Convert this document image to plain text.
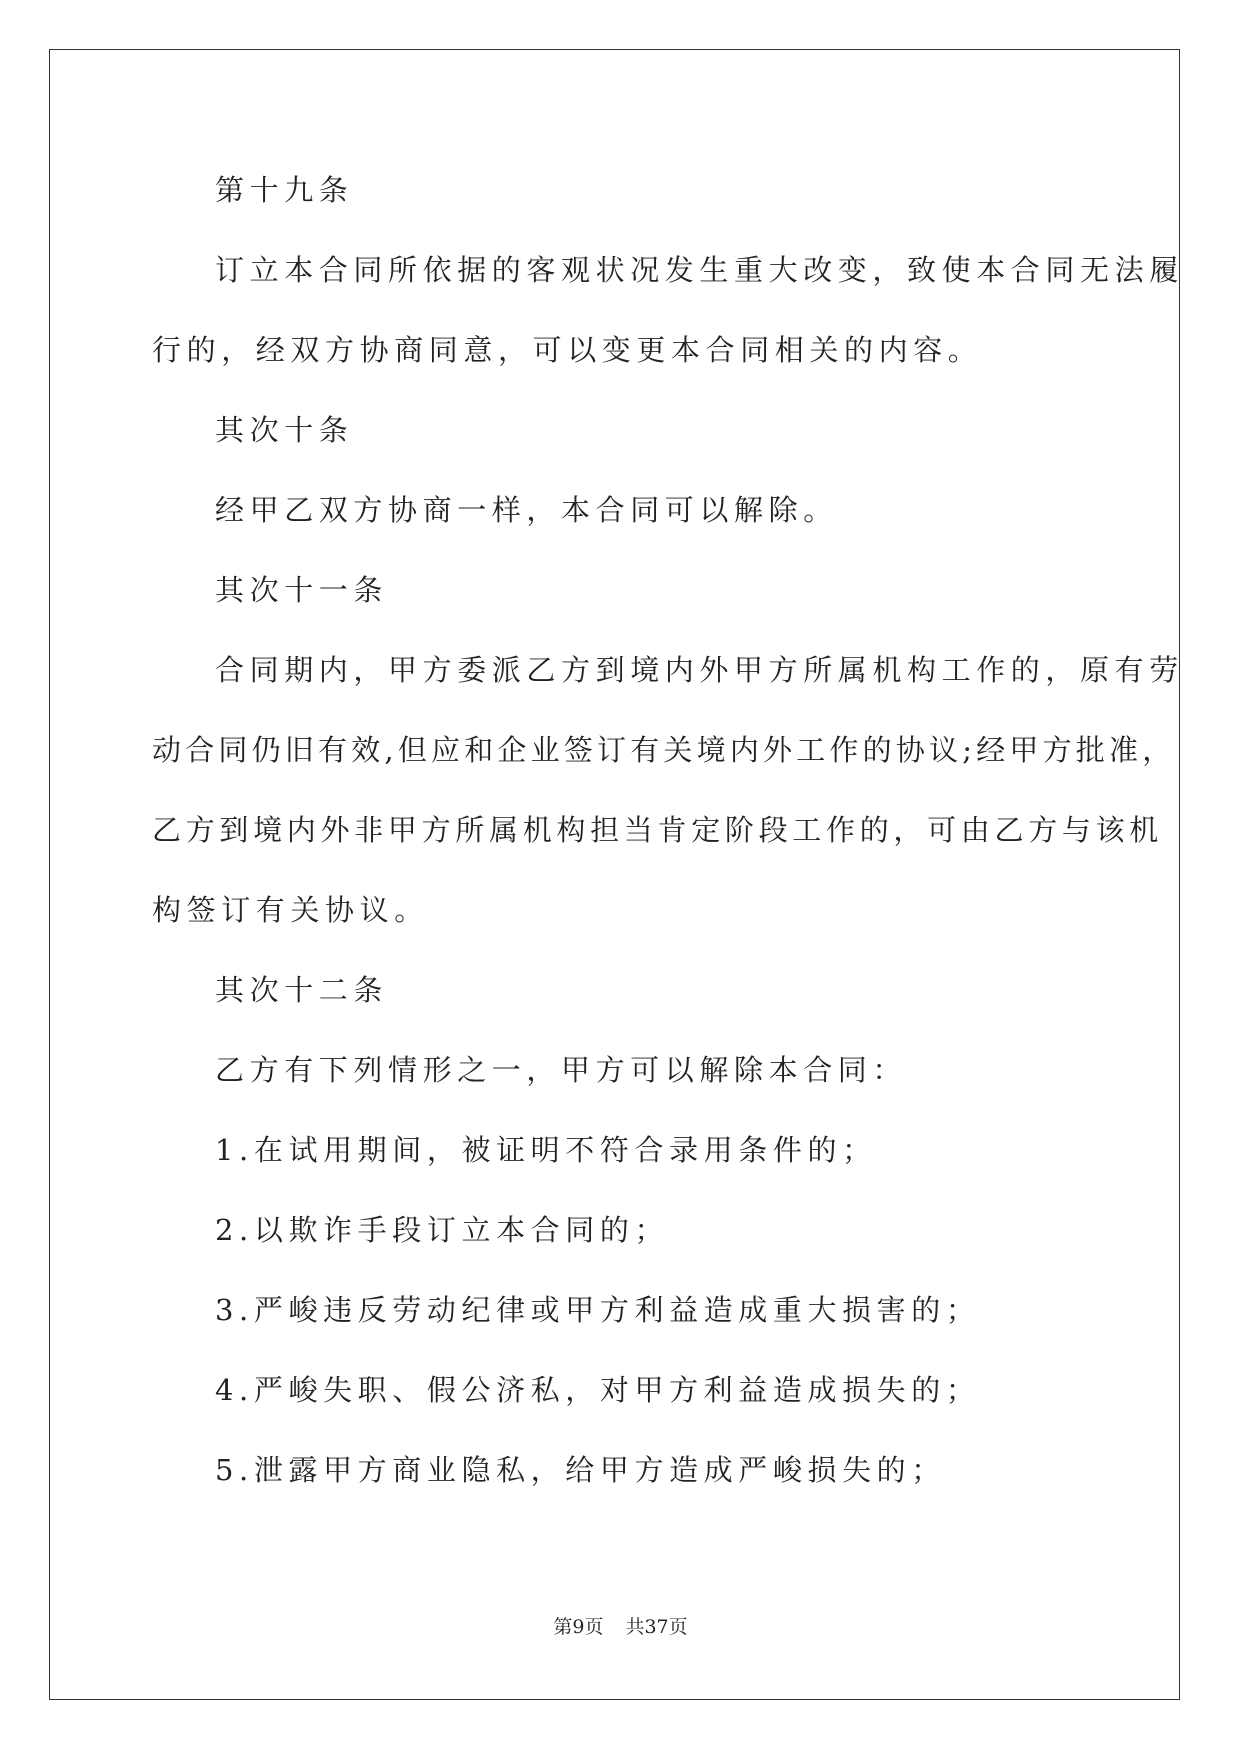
第十九条
订立本合同所依据的客观状况发生重大改变，致使本合同无法履
行的，经双方协商同意，可以变更本合同相关的内容。
其次十条
经甲乙双方协商一样，本合同可以解除。
其次十一条
合同期内，甲方委派乙方到境内外甲方所属机构工作的，原有劳
动合同仍旧有效,但应和企业签订有关境内外工作的协议;经甲方批准，
乙方到境内外非甲方所属机构担当肯定阶段工作的，可由乙方与该机
构签订有关协议。
其次十二条
乙方有下列情形之一，甲方可以解除本合同：
1.在试用期间，被证明不符合录用条件的；
2.以欺诈手段订立本合同的；
3.严峻违反劳动纪律或甲方利益造成重大损害的；
4.严峻失职、假公济私，对甲方利益造成损失的；
5.泄露甲方商业隐私，给甲方造成严峻损失的；
第9页 共37页
